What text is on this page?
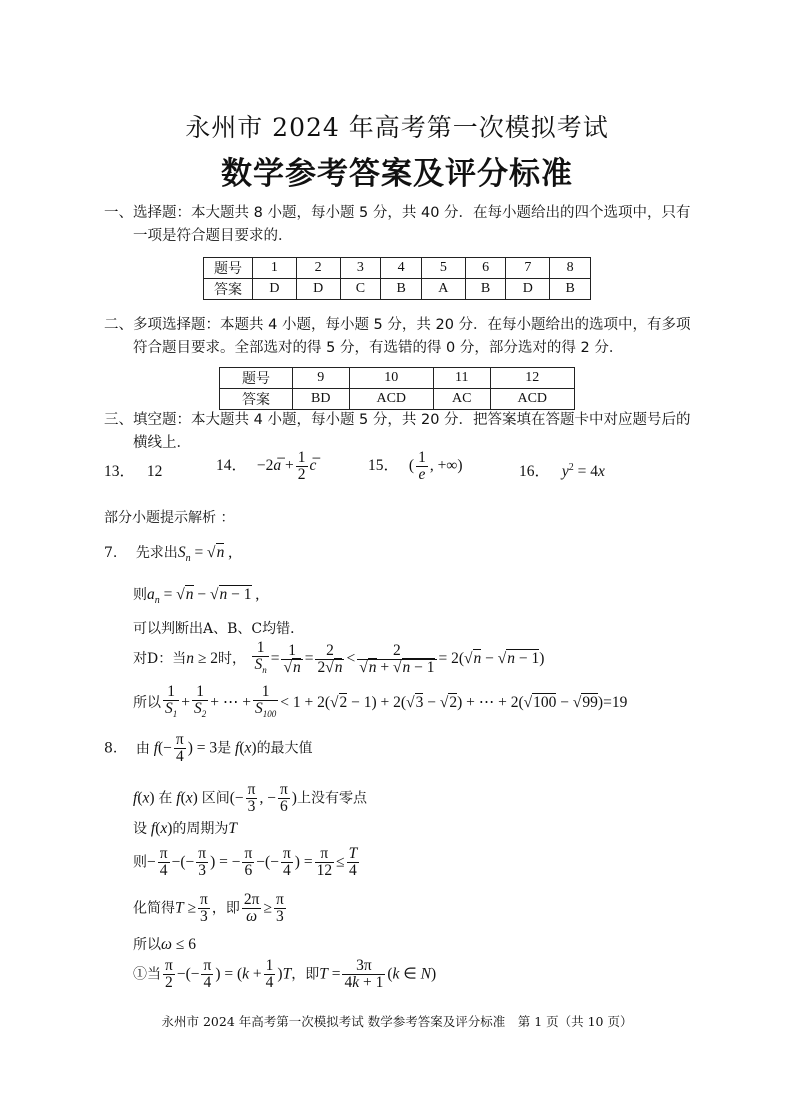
永州市 2024 年高考第一次模拟考试
数学参考答案及评分标准
一、选择题：本大题共 8 小题，每小题 5 分，共 40 分．在每小题给出的四个选项中，只有
一项是符合题目要求的．
题号	1	2	3	4	5	6	7	8
答案	D	D	C	B	A	B	D	B
二、多项选择题：本题共 4 小题，每小题 5 分，共 20 分．在每小题给出的选项中，有多项
符合题目要求。全部选对的得 5 分，有选错的得 0 分，部分选对的得 2 分．
题号	9	10	11	12
答案	BD	ACD	AC	ACD
三、填空题：本大题共 4 小题，每小题 5 分，共 20 分．把答案填在答题卡中对应题号后的
横线上．
13． 12	14． −2a̅ + $\frac{1}{2}$ c	15． ( $\frac{1}{e}$ , +∞)	16． $y^2 = 4x$
部分小题提示解析 ：
7. 先求出$S_n = √n$ ,
则$a_n = √n - √n - 1$ ,
可以判断出A、B、C均错．
对D：当n ≥ 2时， $\frac{1}{S_n} = \frac{1}{√n} = \frac{2}{2√n} < \frac{2}{√n + √n - 1} = 2(√n - √n - 1)$
所以 $\frac{1}{S_1} + \frac{1}{S_2}$ + ⋯ + $\frac{1}{S_{100}} < 1 + 2(√2 - 1) + 2(√3 - √2)$ + ⋯ + 2(√100 − √99)=19
8. 由 $f(- \frac{\pi}{4}$ ) = 3是 f(x)的最大值
f(x) 在 f(x) 区间(− $\frac{\pi}{3}$ , − $\frac{\pi}{6}$ )上没有零点
设 f(x)的周期为T
则− $\frac{\pi}{4}$ −(− $\frac{\pi}{3}$ ) = − $\frac{\pi}{6}$ −(− $\frac{\pi}{4}$ ) = $\frac{\pi}{12} \le \frac{T}{4}$
化简得$T \ge \frac{\pi}{3}$ ，即 $\frac{2\pi}{\omega} \ge \frac{\pi}{3}$
所以ω ≤ 6
①当 $\frac{\pi}{2}$ −(− $\frac{\pi}{4}$ ) = $(k + \frac{1}{4} )T$，即$T = \frac{3\pi}{4k + 1} (k$ ∈ N)
永州市 2024 年高考第一次模拟考试 数学参考答案及评分标准　第 1 页（共 10 页）
